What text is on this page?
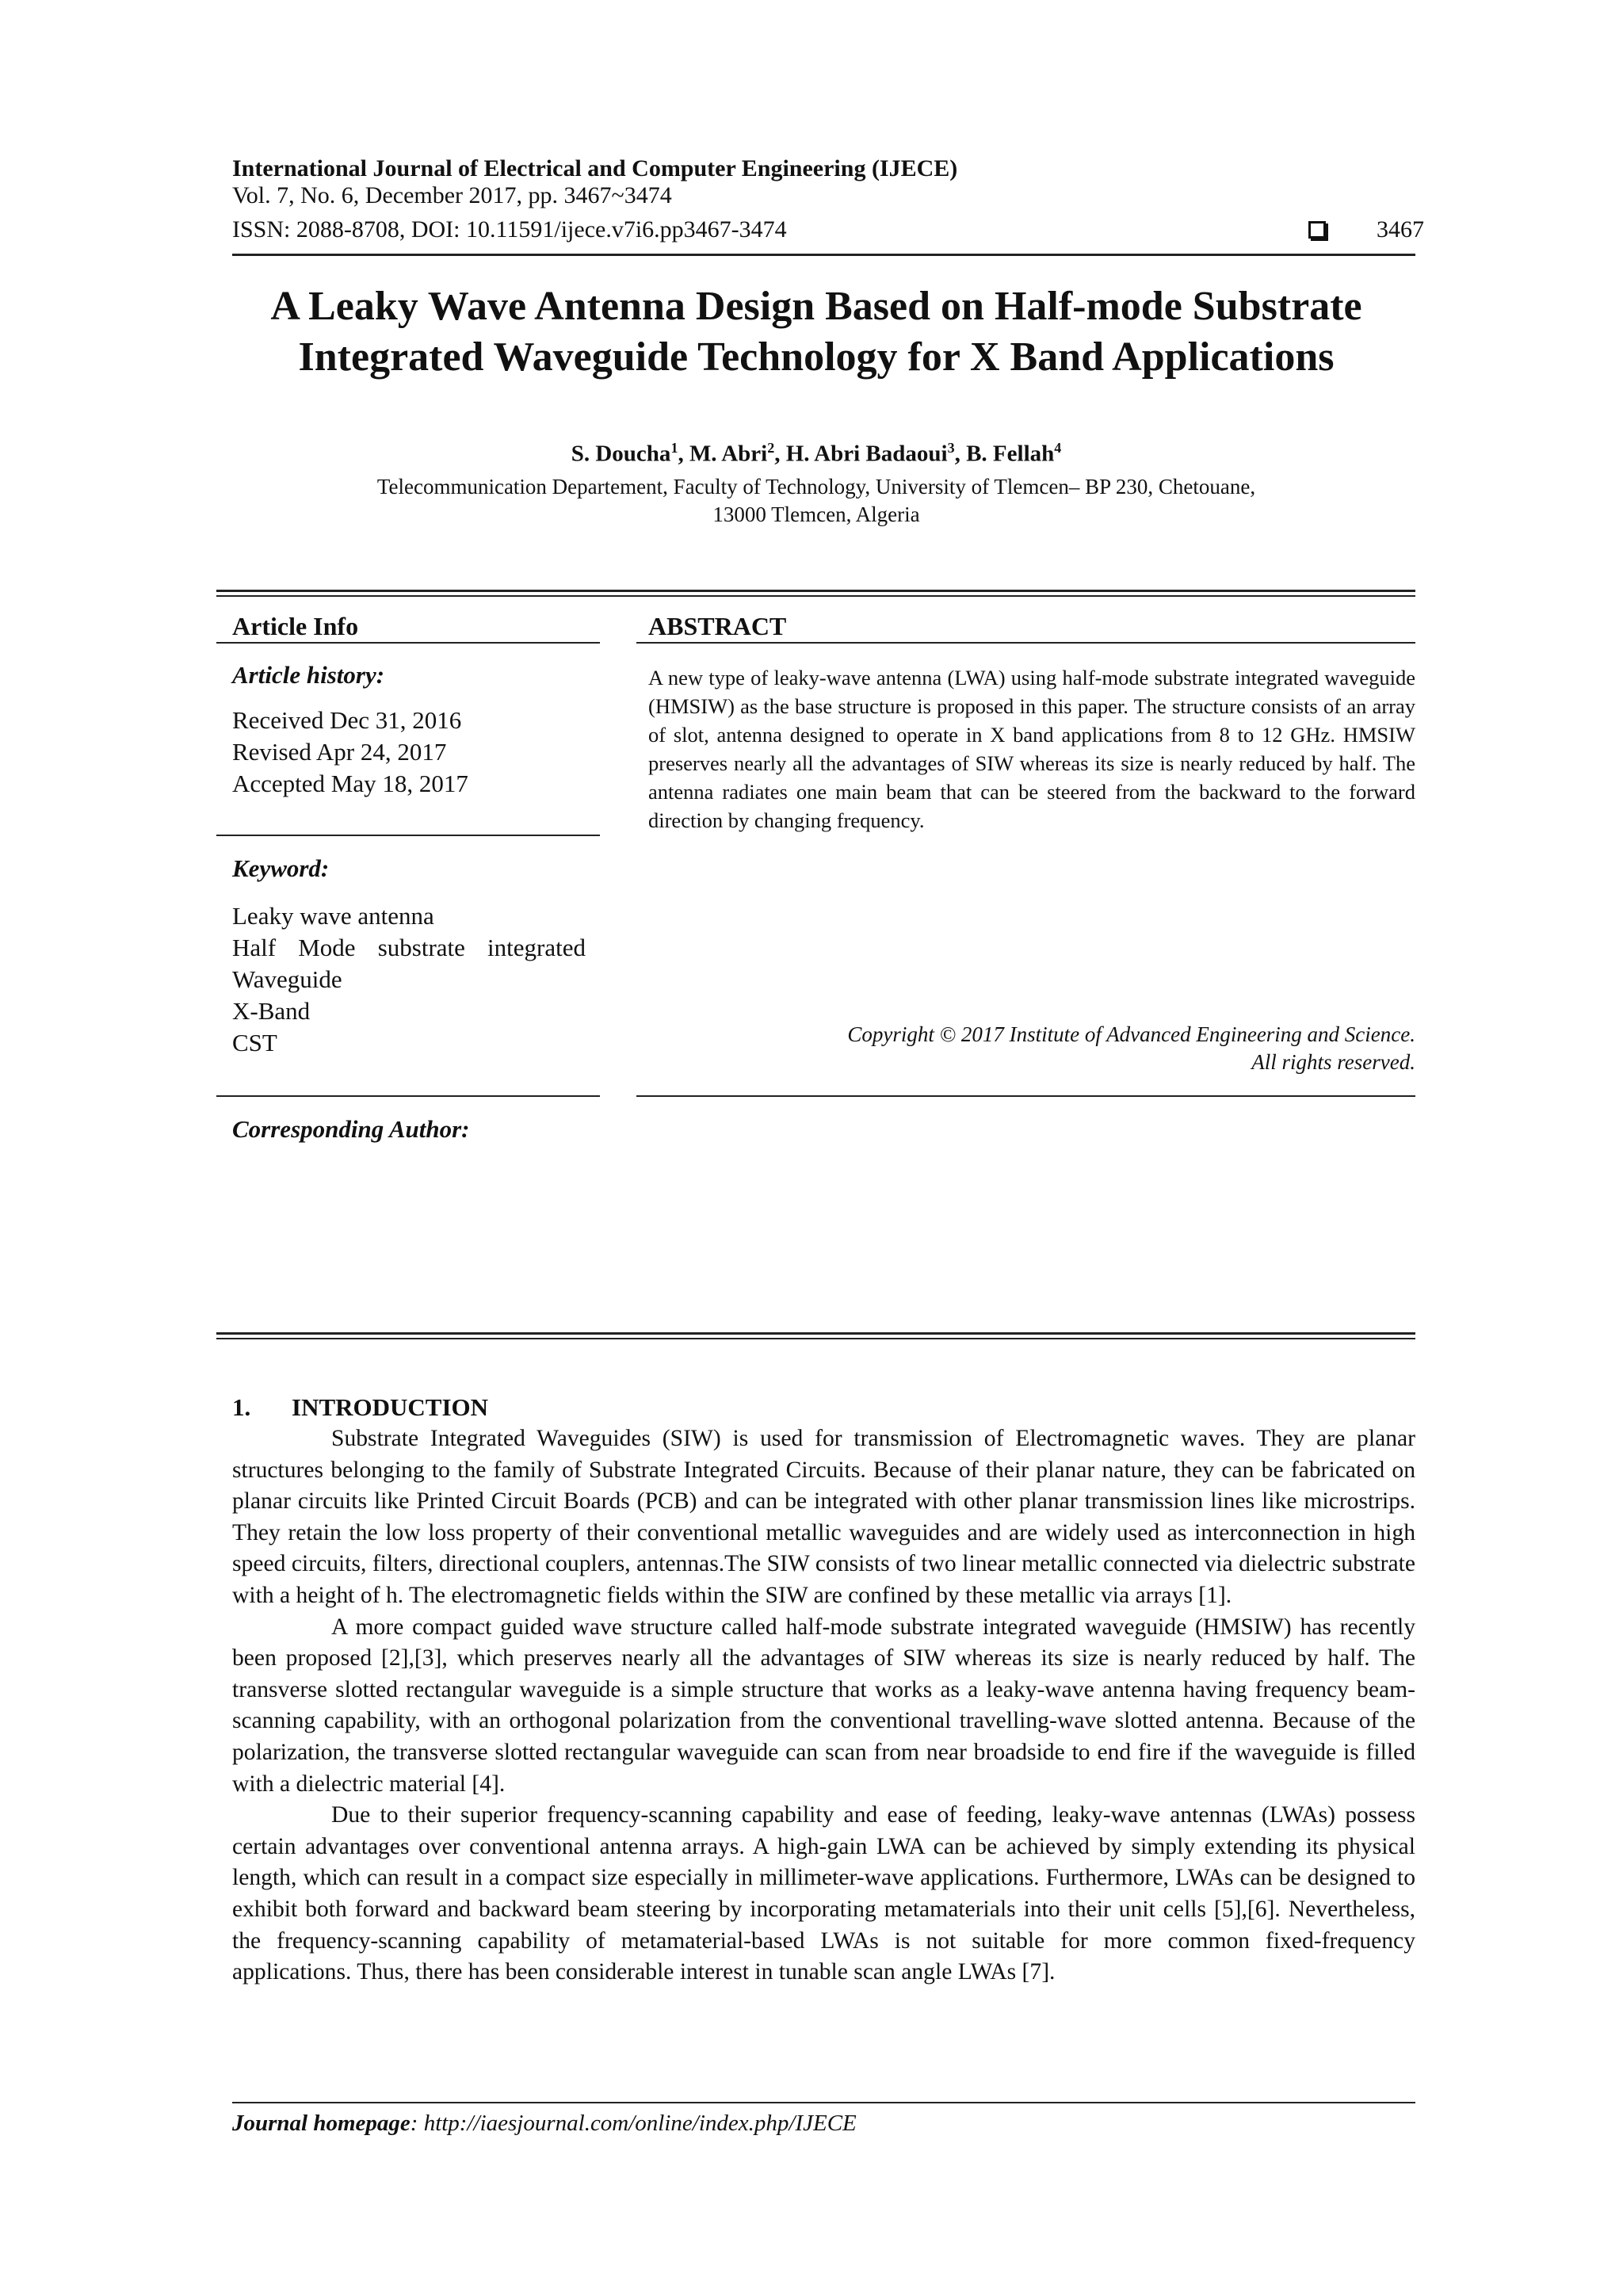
International Journal of Electrical and Computer Engineering (IJECE)
Vol. 7, No. 6, December 2017, pp. 3467~3474
ISSN: 2088-8708, DOI: 10.11591/ijece.v7i6.pp3467-3474	3467
A Leaky Wave Antenna Design Based on Half-mode Substrate
Integrated Waveguide Technology for X Band Applications
S. Doucha$^1$, M. Abri$^2$, H. Abri Badaoui$^3$, B. Fellah$^4$
Telecommunication Departement, Faculty of Technology, University of Tlemcen– BP 230, Chetouane,
13000 Tlemcen, Algeria
Article Info
Article history:
Received Dec 31, 2016
Revised Apr 24, 2017
Accepted May 18, 2017
Keyword:
Leaky wave antenna
Half Mode substrate integrated
Waveguide
X-Band
CST
Corresponding Author:
ABSTRACT
A new type of leaky-wave antenna (LWA) using half-mode substrate integrated waveguide (HMSIW) as the base structure is proposed in this paper. The structure consists of an array of slot, antenna designed to operate in X band applications from 8 to 12 GHz. HMSIW preserves nearly all the advantages of SIW whereas its size is nearly reduced by half. The antenna radiates one main beam that can be steered from the backward to the forward direction by changing frequency.
Copyright © 2017 Institute of Advanced Engineering and Science.
All rights reserved.
1. INTRODUCTION

Substrate Integrated Waveguides (SIW) is used for transmission of Electromagnetic waves. They are planar structures belonging to the family of Substrate Integrated Circuits. Because of their planar nature, they can be fabricated on planar circuits like Printed Circuit Boards (PCB) and can be integrated with other planar transmission lines like microstrips. They retain the low loss property of their conventional metallic waveguides and are widely used as interconnection in high speed circuits, filters, directional couplers, antennas.The SIW consists of two linear metallic connected via dielectric substrate with a height of h. The electromagnetic fields within the SIW are confined by these metallic via arrays [1].

A more compact guided wave structure called half-mode substrate integrated waveguide (HMSIW) has recently been proposed [2],[3], which preserves nearly all the advantages of SIW whereas its size is nearly reduced by half. The transverse slotted rectangular waveguide is a simple structure that works as a leaky-wave antenna having frequency beam-scanning capability, with an orthogonal polarization from the conventional travelling-wave slotted antenna. Because of the polarization, the transverse slotted rectangular waveguide can scan from near broadside to end fire if the waveguide is filled with a dielectric material [4].

Due to their superior frequency-scanning capability and ease of feeding, leaky-wave antennas (LWAs) possess certain advantages over conventional antenna arrays. A high-gain LWA can be achieved by simply extending its physical length, which can result in a compact size especially in millimeter-wave applications. Furthermore, LWAs can be designed to exhibit both forward and backward beam steering by incorporating metamaterials into their unit cells [5],[6]. Nevertheless, the frequency-scanning capability of metamaterial-based LWAs is not suitable for more common fixed-frequency applications. Thus, there has been considerable interest in tunable scan angle LWAs [7].

Journal homepage: http://iaesjournal.com/online/index.php/IJECE
